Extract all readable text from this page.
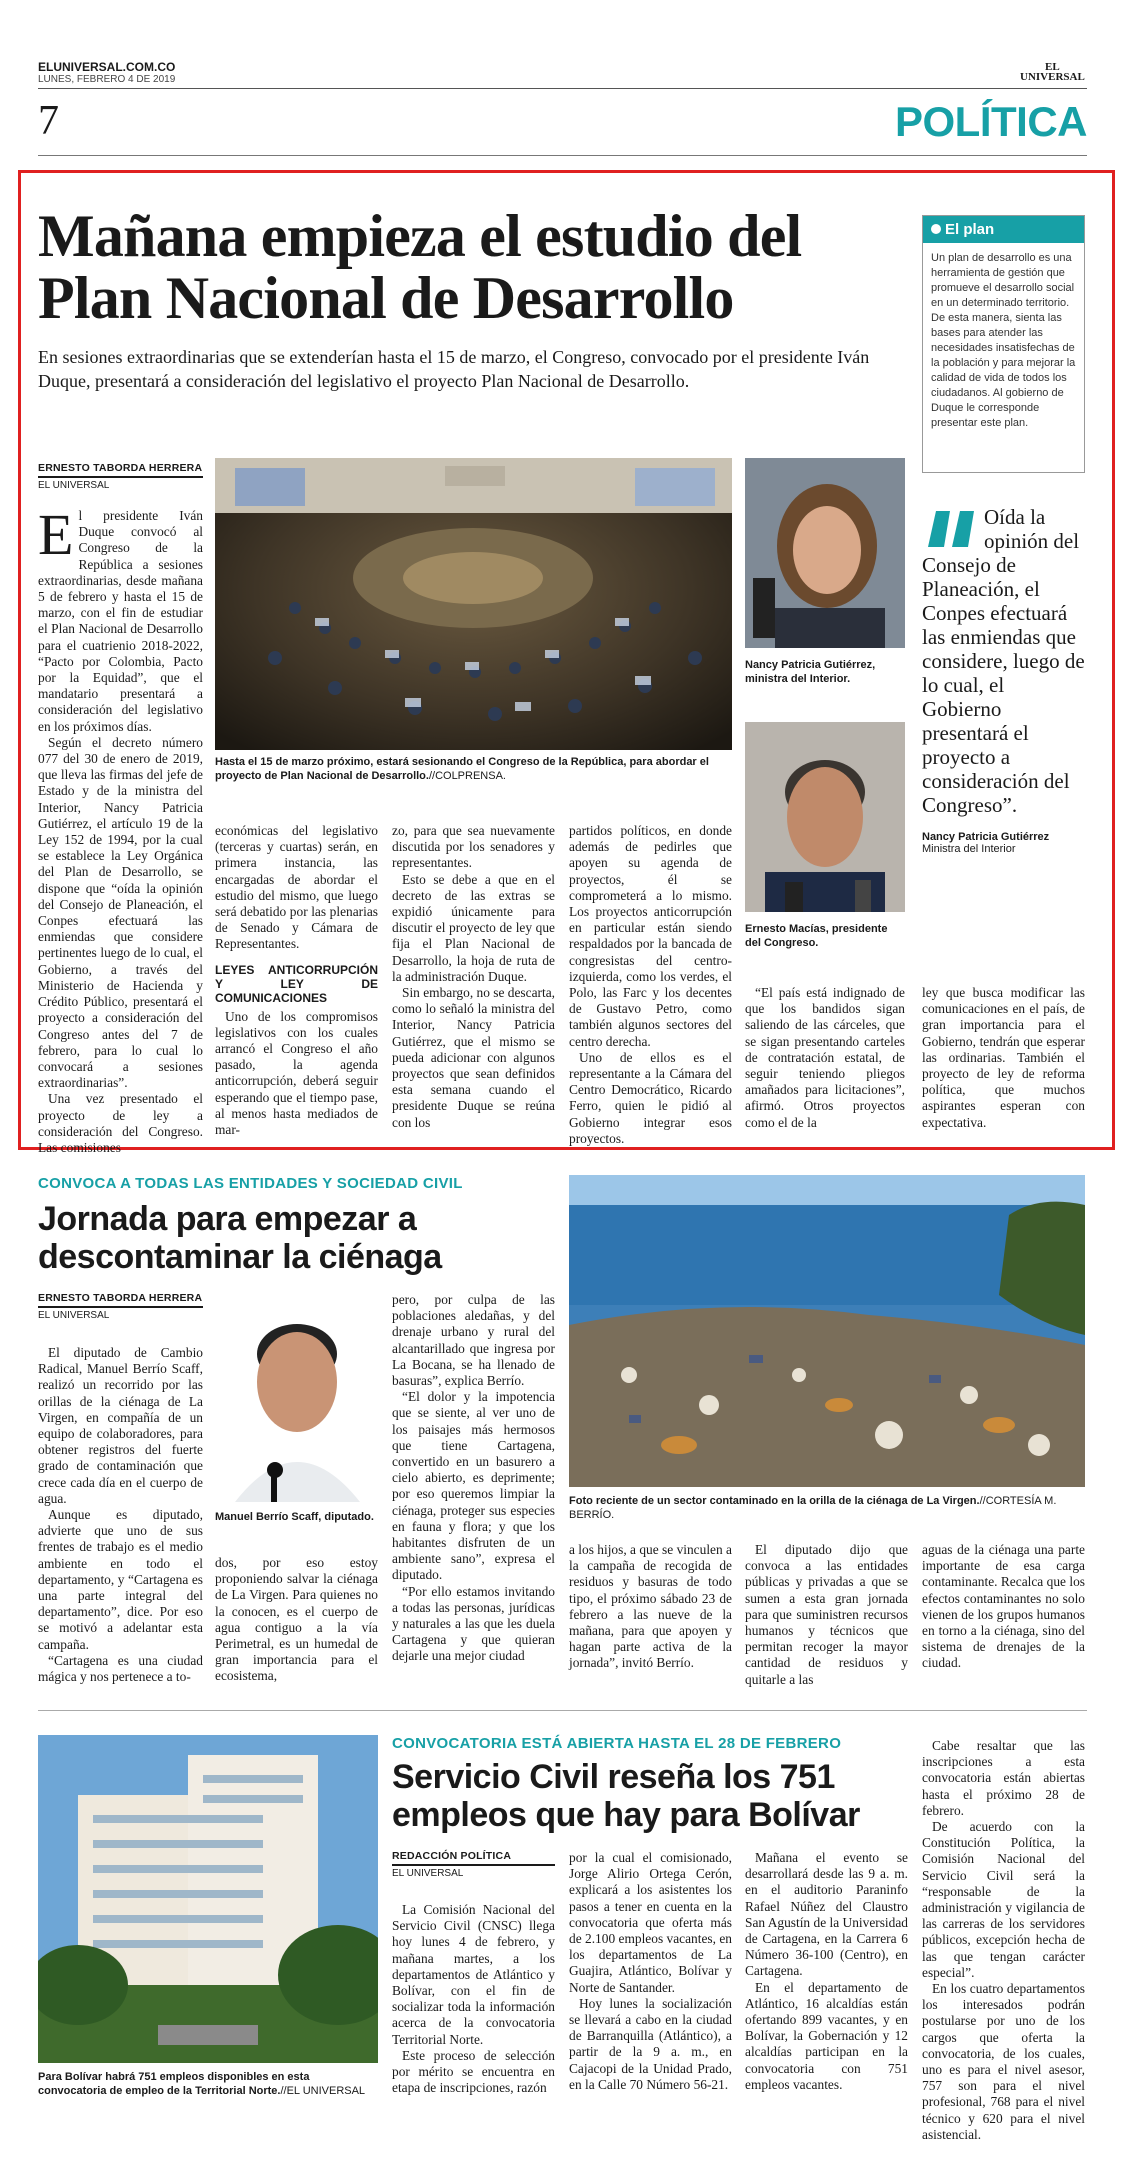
ELUNIVERSAL.COM.CO
LUNES, FEBRERO 4 DE 2019
EL
UNIVERSAL
7	POLÍTICA
Mañana empieza el estudio del
Plan Nacional de Desarrollo
En sesiones extraordinarias que se extenderían hasta el 15 de marzo, el Congreso, convocado por el presidente Iván Duque, presentará a consideración del legislativo el proyecto Plan Nacional de Desarrollo.
ERNESTO TABORDA HERRERA
EL UNIVERSAL

El presidente Iván Duque convocó al Congreso de la República a sesiones extraordinarias, desde mañana 5 de febrero y hasta el 15 de marzo, con el fin de estudiar el Plan Nacional de Desarrollo para el cuatrienio 2018-2022, “Pacto por Colombia, Pacto por la Equidad”, que el mandatario presentará a consideración del legislativo en los próximos días.

Según el decreto número 077 del 30 de enero de 2019, que lleva las firmas del jefe de Estado y de la ministra del Interior, Nancy Patricia Gutiérrez, el artículo 19 de la Ley 152 de 1994, por la cual se establece la Ley Orgánica del Plan de Desarrollo, se dispone que “oída la opinión del Consejo de Planeación, el Conpes efectuará las enmiendas que considere pertinentes luego de lo cual, el Gobierno, a través del Ministerio de Hacienda y Crédito Público, presentará el proyecto a consideración del Congreso antes del 7 de febrero, para lo cual lo convocará a sesiones extraordinarias”.

Una vez presentado el proyecto de ley a consideración del Congreso. Las comisiones

Hasta el 15 de marzo próximo, estará sesionando el Congreso de la República, para abordar el proyecto de Plan Nacional de Desarrollo.//COLPRENSA.
Nancy Patricia Gutiérrez, ministra del Interior.
Ernesto Macías, presidente del Congreso.

económicas del legislativo (terceras y cuartas) serán, en primera instancia, las encargadas de abordar el estudio del mismo, que luego será debatido por las plenarias de Senado y Cámara de Representantes.

LEYES ANTICORRUPCIÓN Y LEY DE COMUNICACIONES

Uno de los compromisos legislativos con los cuales arrancó el Congreso el año pasado, la agenda anticorrupción, deberá seguir esperando que el tiempo pase, al menos hasta mediados de mar-

zo, para que sea nuevamente discutida por los senadores y representantes.

Esto se debe a que en el decreto de las extras se expidió únicamente para discutir el proyecto de ley que fija el Plan Nacional de Desarrollo, la hoja de ruta de la administración Duque.

Sin embargo, no se descarta, como lo señaló la ministra del Interior, Nancy Patricia Gutiérrez, que el mismo se pueda adicionar con algunos proyectos que sean definidos esta semana cuando el presidente Duque se reúna con los

partidos políticos, en donde además de pedirles que apoyen su agenda de proyectos, él se comprometerá a lo mismo. Los proyectos anticorrupción en particular están siendo respaldados por la bancada de congresistas del centro-izquierda, como los verdes, el Polo, las Farc y los decentes de Gustavo Petro, como también algunos sectores del centro derecha.

Uno de ellos es el representante a la Cámara del Centro Democrático, Ricardo Ferro, quien le pidió al Gobierno integrar esos proyectos.

“El país está indignado de que los bandidos sigan saliendo de las cárceles, que se sigan presentando carteles de contratación estatal, de seguir teniendo pliegos amañados para licitaciones”, afirmó. Otros proyectos como el de la

ley que busca modificar las comunicaciones en el país, de gran importancia para el Gobierno, tendrán que esperar las ordinarias. También el proyecto de ley de reforma política, que muchos aspirantes esperan con expectativa.

El plan
Un plan de desarrollo es una herramienta de gestión que promueve el desarrollo social en un determinado territorio. De esta manera, sienta las bases para atender las necesidades insatisfechas de la población y para mejorar la calidad de vida de todos los ciudadanos. Al gobierno de Duque le corresponde presentar este plan.
Oída la opinión del Consejo de Planeación, el Conpes efectuará las enmiendas que considere, luego de lo cual, el Gobierno presentará el proyecto a consideración del Congreso”.
Nancy Patricia Gutiérrez
Ministra del Interior
CONVOCA A TODAS LAS ENTIDADES Y SOCIEDAD CIVIL
Jornada para empezar a
descontaminar la ciénaga
ERNESTO TABORDA HERRERA
EL UNIVERSAL

El diputado de Cambio Radical, Manuel Berrío Scaff, realizó un recorrido por las orillas de la ciénaga de La Virgen, en compañía de un equipo de colaboradores, para obtener registros del fuerte grado de contaminación que crece cada día en el cuerpo de agua.

Aunque es diputado, advierte que uno de sus frentes de trabajo es el medio ambiente en todo el departamento, y “Cartagena es una parte integral del departamento”, dice. Por eso se motivó a adelantar esta campaña.

“Cartagena es una ciudad mágica y nos pertenece a to-

Manuel Berrío Scaff, diputado.

dos, por eso estoy proponiendo salvar la ciénaga de La Virgen. Para quienes no la conocen, es el cuerpo de agua contiguo a la vía Perimetral, es un humedal de gran importancia para el ecosistema,

pero, por culpa de las poblaciones aledañas, y del drenaje urbano y rural del alcantarillado que ingresa por La Bocana, se ha llenado de basuras”, explica Berrío.

“El dolor y la impotencia que se siente, al ver uno de los paisajes más hermosos que tiene Cartagena, convertido en un basurero a cielo abierto, es deprimente; por eso queremos limpiar la ciénaga, proteger sus especies en fauna y flora; y que los habitantes disfruten de un ambiente sano”, expresa el diputado.

“Por ello estamos invitando a todas las personas, jurídicas y naturales a las que les duela Cartagena y que quieran dejarle una mejor ciudad

Foto reciente de un sector contaminado en la orilla de la ciénaga de La Virgen.//CORTESÍA M. BERRÍO.

a los hijos, a que se vinculen a la campaña de recogida de residuos y basuras de todo tipo, el próximo sábado 23 de febrero a las nueve de la mañana, para que apoyen y hagan parte activa de la jornada”, invitó Berrío.

El diputado dijo que convoca a las entidades públicas y privadas a que se sumen a esta gran jornada para que suministren recursos humanos y técnicos que permitan recoger la mayor cantidad de residuos y quitarle a las

aguas de la ciénaga una parte importante de esa carga contaminante. Recalca que los efectos contaminantes no solo vienen de los grupos humanos en torno a la ciénaga, sino del sistema de drenajes de la ciudad.

Para Bolívar habrá 751 empleos disponibles en esta convocatoria de empleo de la Territorial Norte.//EL UNIVERSAL
CONVOCATORIA ESTÁ ABIERTA HASTA EL 28 DE FEBRERO
Servicio Civil reseña los 751
empleos que hay para Bolívar
REDACCIÓN POLÍTICA
EL UNIVERSAL

La Comisión Nacional del Servicio Civil (CNSC) llega hoy lunes 4 de febrero, y mañana martes, a los departamentos de Atlántico y Bolívar, con el fin de socializar toda la información acerca de la convocatoria Territorial Norte.

Este proceso de selección por mérito se encuentra en etapa de inscripciones, razón

por la cual el comisionado, Jorge Alirio Ortega Cerón, explicará a los asistentes los pasos a tener en cuenta en la convocatoria que oferta más de 2.100 empleos vacantes, en los departamentos de La Guajira, Atlántico, Bolívar y Norte de Santander.

Hoy lunes la socialización se llevará a cabo en la ciudad de Barranquilla (Atlántico), a partir de la 9 a. m., en Cajacopi de la Unidad Prado, en la Calle 70 Número 56-21.

Mañana el evento se desarrollará desde las 9 a. m. en el auditorio Paraninfo Rafael Núñez del Claustro San Agustín de la Universidad de Cartagena, en la Carrera 6 Número 36-100 (Centro), en Cartagena.

En el departamento de Atlántico, 16 alcaldías están ofertando 899 vacantes, y en Bolívar, la Gobernación y 12 alcaldías participan en la convocatoria con 751 empleos vacantes.

Cabe resaltar que las inscripciones a esta convocatoria están abiertas hasta el próximo 28 de febrero.

De acuerdo con la Constitución Política, la Comisión Nacional del Servicio Civil será la “responsable de la administración y vigilancia de las carreras de los servidores públicos, excepción hecha de las que tengan carácter especial”.

En los cuatro departamentos los interesados podrán postularse por uno de los cargos que oferta la convocatoria, de los cuales, uno es para el nivel asesor, 757 son para el nivel profesional, 768 para el nivel técnico y 620 para el nivel asistencial.
